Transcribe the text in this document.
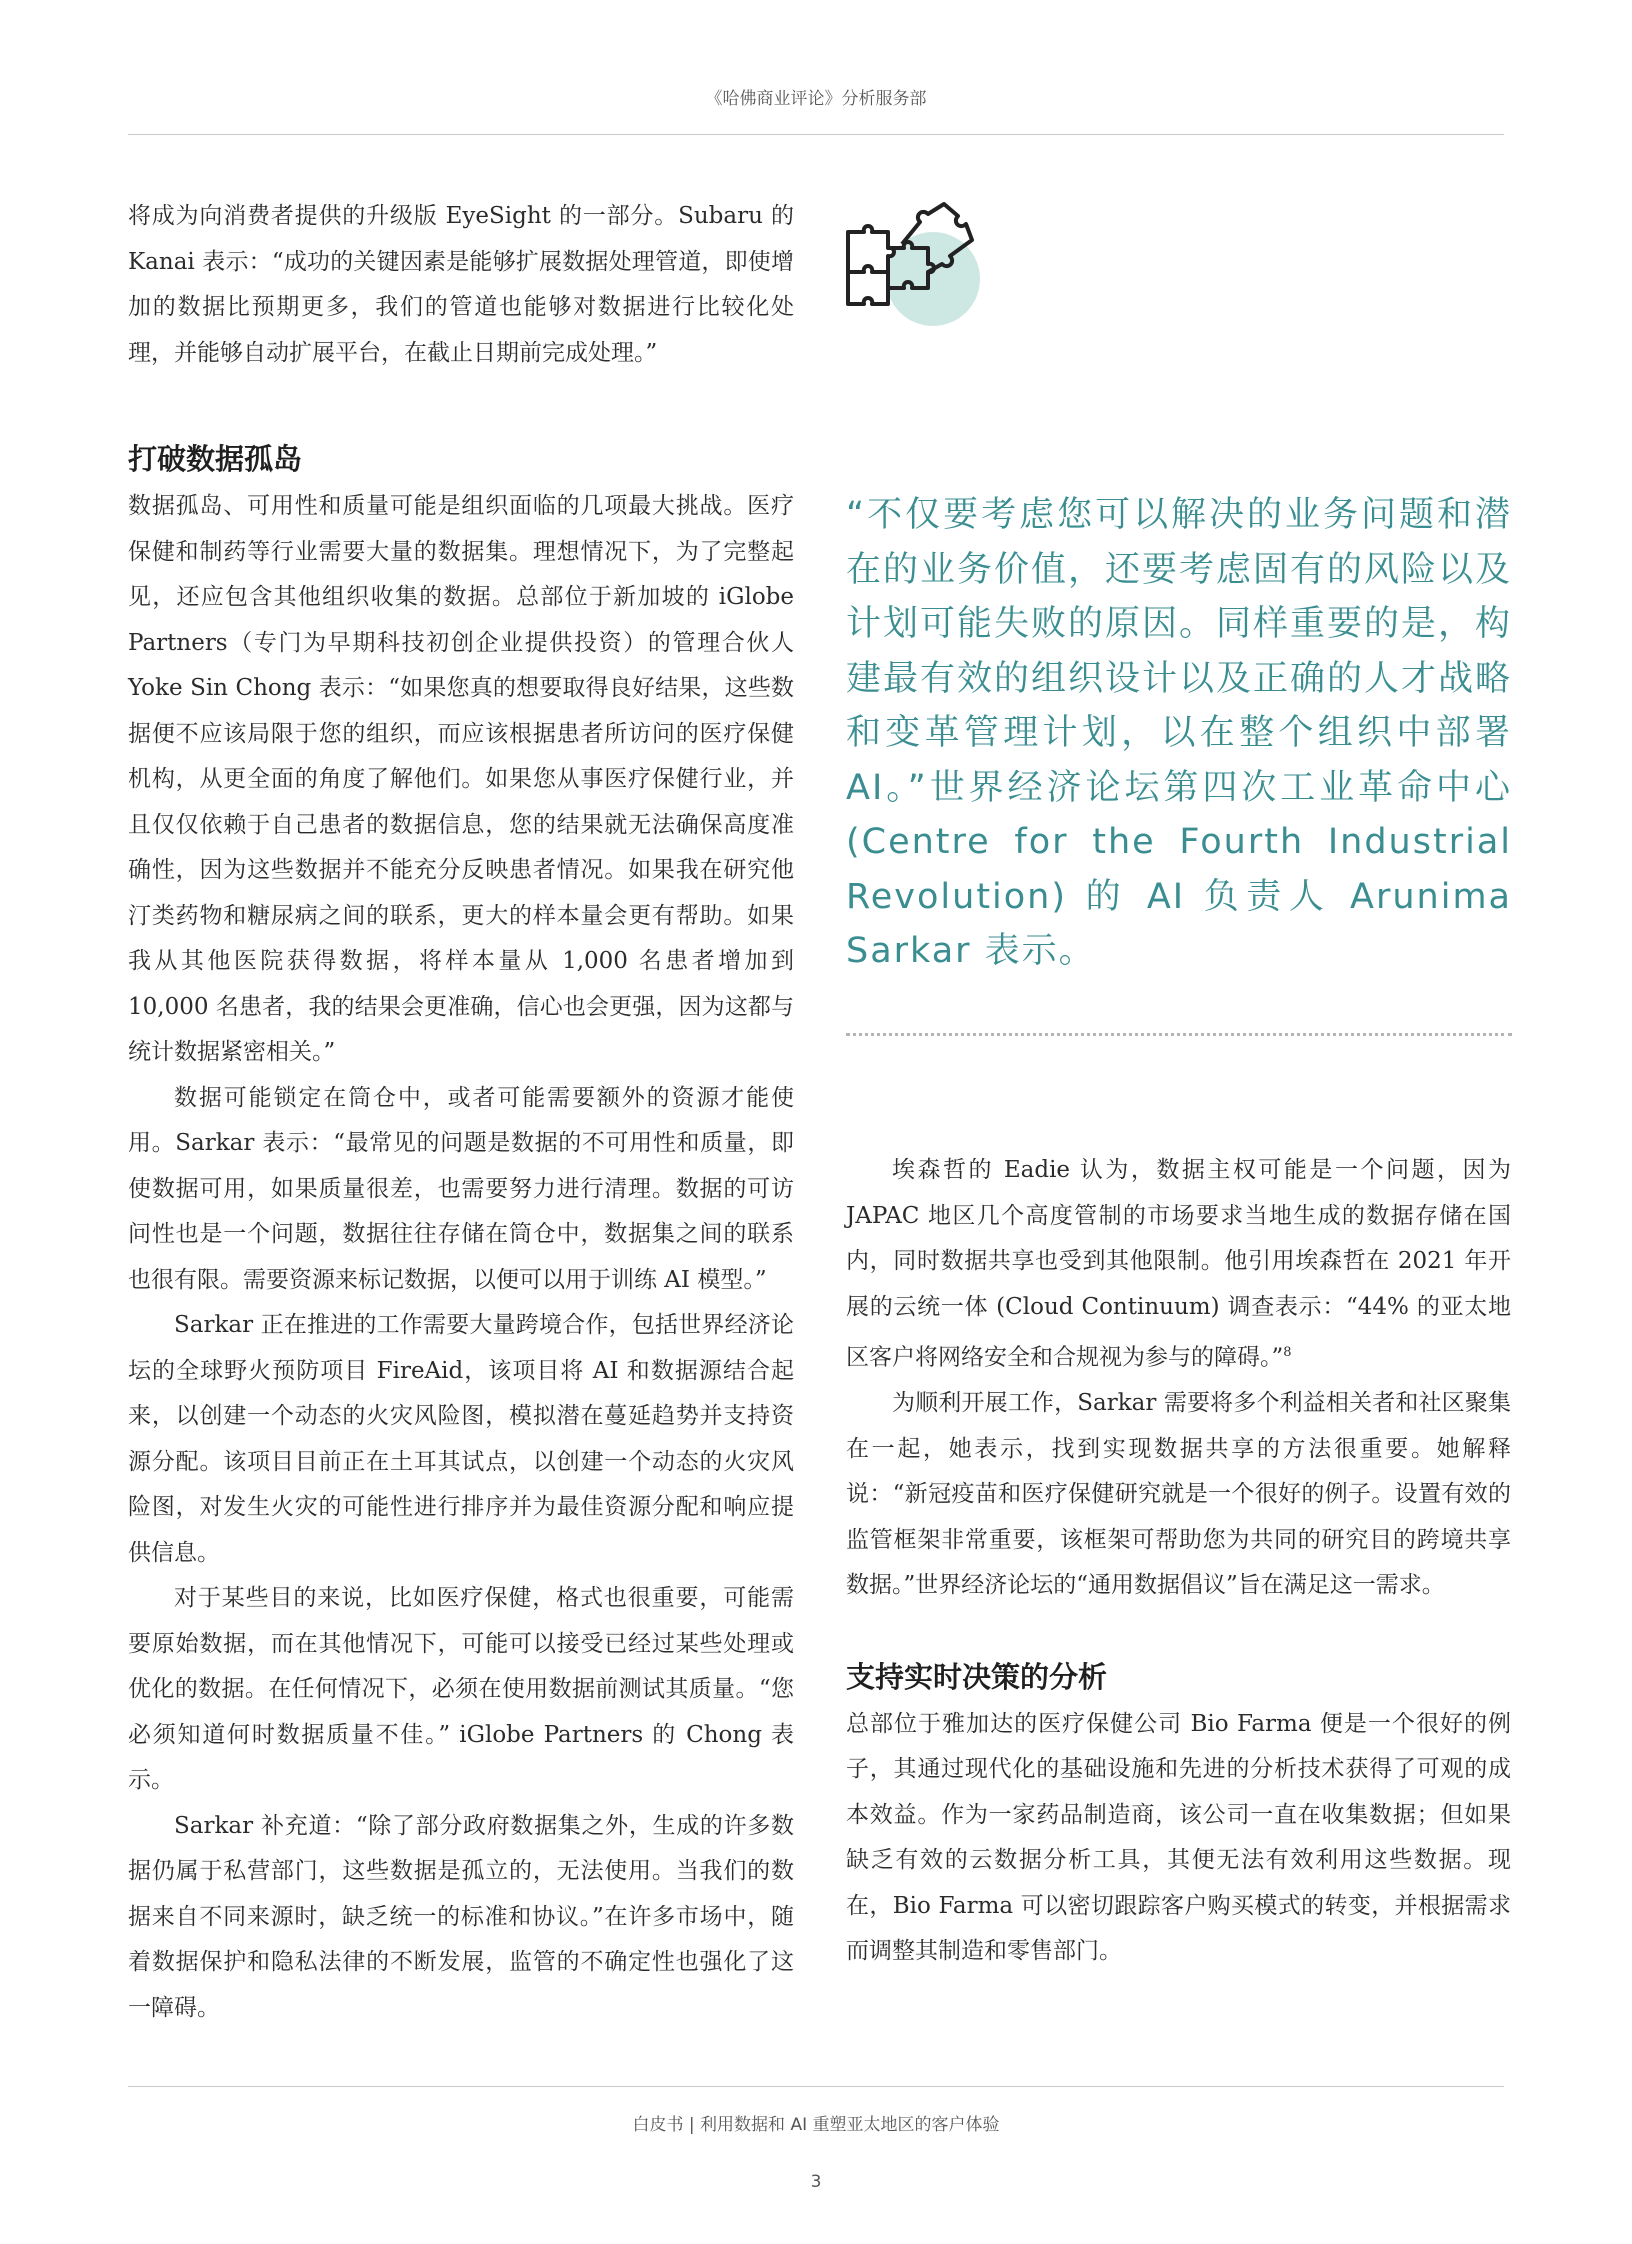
《哈佛商业评论》分析服务部

将成为向消费者提供的升级版 EyeSight 的一部分。Subaru 的 Kanai 表示：“成功的关键因素是能够扩展数据处理管道，即使增加的数据比预期更多，我们的管道也能够对数据进行比较化处理，并能够自动扩展平台，在截止日期前完成处理。”

打破数据孤岛

数据孤岛、可用性和质量可能是组织面临的几项最大挑战。医疗保健和制药等行业需要大量的数据集。理想情况下，为了完整起见，还应包含其他组织收集的数据。总部位于新加坡的 iGlobe Partners（专门为早期科技初创企业提供投资）的管理合伙人 Yoke Sin Chong 表示：“如果您真的想要取得良好结果，这些数据便不应该局限于您的组织，而应该根据患者所访问的医疗保健机构，从更全面的角度了解他们。如果您从事医疗保健行业，并且仅仅依赖于自己患者的数据信息，您的结果就无法确保高度准确性，因为这些数据并不能充分反映患者情况。如果我在研究他汀类药物和糖尿病之间的联系，更大的样本量会更有帮助。如果我从其他医院获得数据，将样本量从 1,000 名患者增加到 10,000 名患者，我的结果会更准确，信心也会更强，因为这都与统计数据紧密相关。”

数据可能锁定在筒仓中，或者可能需要额外的资源才能使用。Sarkar 表示：“最常见的问题是数据的不可用性和质量，即使数据可用，如果质量很差，也需要努力进行清理。数据的可访问性也是一个问题，数据往往存储在筒仓中，数据集之间的联系也很有限。需要资源来标记数据，以便可以用于训练 AI 模型。”

Sarkar 正在推进的工作需要大量跨境合作，包括世界经济论坛的全球野火预防项目 FireAid，该项目将 AI 和数据源结合起来，以创建一个动态的火灾风险图，模拟潜在蔓延趋势并支持资源分配。该项目目前正在土耳其试点，以创建一个动态的火灾风险图，对发生火灾的可能性进行排序并为最佳资源分配和响应提供信息。

对于某些目的来说，比如医疗保健，格式也很重要，可能需要原始数据，而在其他情况下，可能可以接受已经过某些处理或优化的数据。在任何情况下，必须在使用数据前测试其质量。“您必须知道何时数据质量不佳。” iGlobe Partners 的 Chong 表示。

Sarkar 补充道：“除了部分政府数据集之外，生成的许多数据仍属于私营部门，这些数据是孤立的，无法使用。当我们的数据来自不同来源时，缺乏统一的标准和协议。”在许多市场中，随着数据保护和隐私法律的不断发展，监管的不确定性也强化了这一障碍。

“不仅要考虑您可以解决的业务问题和潜在的业务价值，还要考虑固有的风险以及计划可能失败的原因。同样重要的是，构建最有效的组织设计以及正确的人才战略和变革管理计划，以在整个组织中部署 AI。”世界经济论坛第四次工业革命中心 (Centre for the Fourth Industrial Revolution) 的 AI 负责人 Arunima Sarkar 表示。

埃森哲的 Eadie 认为，数据主权可能是一个问题，因为 JAPAC 地区几个高度管制的市场要求当地生成的数据存储在国内，同时数据共享也受到其他限制。他引用埃森哲在 2021 年开展的云统一体 (Cloud Continuum) 调查表示：“44% 的亚太地区客户将网络安全和合规视为参与的障碍。”$^8$

为顺利开展工作，Sarkar 需要将多个利益相关者和社区聚集在一起，她表示，找到实现数据共享的方法很重要。她解释说：“新冠疫苗和医疗保健研究就是一个很好的例子。设置有效的监管框架非常重要，该框架可帮助您为共同的研究目的跨境共享数据。”世界经济论坛的“通用数据倡议”旨在满足这一需求。

支持实时决策的分析

总部位于雅加达的医疗保健公司 Bio Farma 便是一个很好的例子，其通过现代化的基础设施和先进的分析技术获得了可观的成本效益。作为一家药品制造商，该公司一直在收集数据；但如果缺乏有效的云数据分析工具，其便无法有效利用这些数据。现在，Bio Farma 可以密切跟踪客户购买模式的转变，并根据需求而调整其制造和零售部门。

白皮书 | 利用数据和 AI 重塑亚太地区的客户体验
3
